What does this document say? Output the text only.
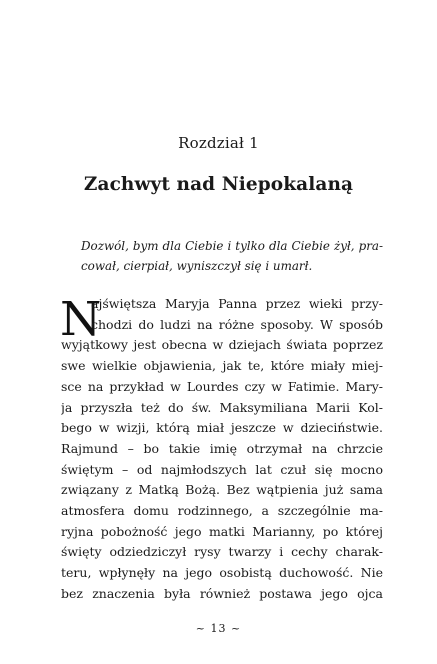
Rozdział 1
Zachwyt nad Niepokalaną
Dozwól, bym dla Ciebie i tylko dla Ciebie żył, pra-
cował, cierpiał, wyniszczył się i umarł.
N
ajświętsza Maryja Panna przez wieki przy-
chodzi do ludzi na różne sposoby. W sposób
wyjątkowy jest obecna w dziejach świata poprzez
swe wielkie objawienia, jak te, które miały miej-
sce na przykład w Lourdes czy w Fatimie. Mary-
ja przyszła też do św. Maksymiliana Marii Kol-
bego w wizji, którą miał jeszcze w dzieciństwie.
Rajmund – bo takie imię otrzymał na chrzcie
świętym – od najmłodszych lat czuł się mocno
związany z Matką Bożą. Bez wątpienia już sama
atmosfera domu rodzinnego, a szczególnie ma-
ryjna pobożność jego matki Marianny, po której
święty odziedziczył rysy twarzy i cechy charak-
teru, wpłynęły na jego osobistą duchowość. Nie
bez znaczenia była również postawa jego ojca
~ 13 ~
